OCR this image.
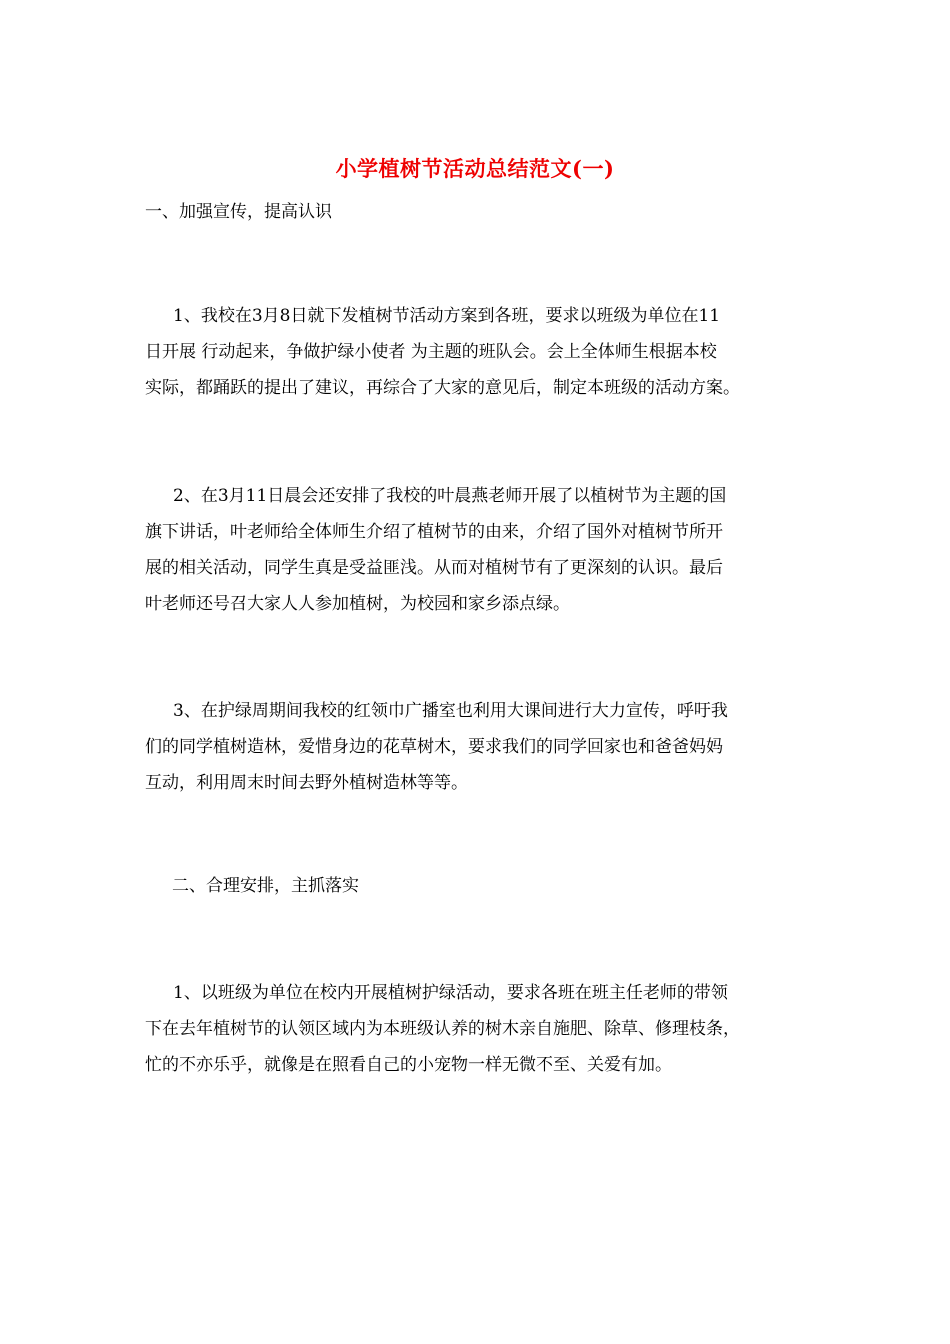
小学植树节活动总结范文(一)
一、加强宣传，提高认识
1、我校在3月8日就下发植树节活动方案到各班，要求以班级为单位在11
日开展 行动起来，争做护绿小使者 为主题的班队会。会上全体师生根据本校
实际，都踊跃的提出了建议，再综合了大家的意见后，制定本班级的活动方案。
2、在3月11日晨会还安排了我校的叶晨燕老师开展了以植树节为主题的国
旗下讲话，叶老师给全体师生介绍了植树节的由来，介绍了国外对植树节所开
展的相关活动，同学生真是受益匪浅。从而对植树节有了更深刻的认识。最后
叶老师还号召大家人人参加植树，为校园和家乡添点绿。
3、在护绿周期间我校的红领巾广播室也利用大课间进行大力宣传，呼吁我
们的同学植树造林，爱惜身边的花草树木，要求我们的同学回家也和爸爸妈妈
互动，利用周末时间去野外植树造林等等。
二、合理安排，主抓落实
1、以班级为单位在校内开展植树护绿活动，要求各班在班主任老师的带领
下在去年植树节的认领区域内为本班级认养的树木亲自施肥、除草、修理枝条，
忙的不亦乐乎，就像是在照看自己的小宠物一样无微不至、关爱有加。
